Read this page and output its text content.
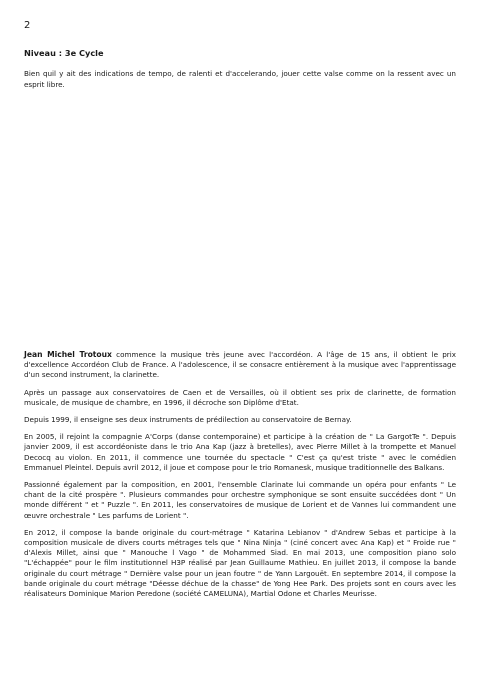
2
Niveau : 3e Cycle

Bien quil y ait des indications de tempo, de ralenti et d'accelerando, jouer cette valse comme on la ressent avec un esprit libre.

Jean Michel Trotoux commence la musique très jeune avec l'accordéon. A l'âge de 15 ans, il obtient le prix d'excellence Accordéon Club de France. A l'adolescence, il se consacre entièrement à la musique avec l'apprentissage d'un second instrument, la clarinette.

Après un passage aux conservatoires de Caen et de Versailles, où il obtient ses prix de clarinette, de formation musicale, de musique de chambre, en 1996, il décroche son Diplôme d'Etat.

Depuis 1999, il enseigne ses deux instruments de prédilection au conservatoire de Bernay.

En 2005, il rejoint la compagnie A'Corps (danse contemporaine) et participe à la création de " La GargotTe ". Depuis janvier 2009, il est accordéoniste dans le trio Ana Kap (jazz à bretelles), avec Pierre Millet à la trompette et Manuel Decocq au violon. En 2011, il commence une tournée du spectacle " C'est ça qu'est triste " avec le comédien Emmanuel Pleintel. Depuis avril 2012, il joue et compose pour le trio Romanesk, musique traditionnelle des Balkans.

Passionné également par la composition, en 2001, l'ensemble Clarinate lui commande un opéra pour enfants " Le chant de la cité prospère ". Plusieurs commandes pour orchestre symphonique se sont ensuite succédées dont " Un monde différent " et " Puzzle ". En 2011, les conservatoires de musique de Lorient et de Vannes lui commandent une œuvre orchestrale " Les parfums de Lorient ".

En 2012, il compose la bande originale du court-métrage " Katarina Lebianov " d'Andrew Sebas et participe à la composition musicale de divers courts métrages tels que " Nina Ninja " (ciné concert avec Ana Kap) et " Froide rue " d'Alexis Millet, ainsi que " Manouche l Vago " de Mohammed Siad. En mai 2013, une composition piano solo "L'échappée" pour le film institutionnel H3P réalisé par Jean Guillaume Mathieu. En juillet 2013, il compose la bande originale du court métrage " Dernière valse pour un jean foutre " de Yann Largouët. En septembre 2014, il compose la bande originale du court métrage "Déesse déchue de la chasse" de Yong Hee Park. Des projets sont en cours avec les réalisateurs Dominique Marion Peredone (société CAMELUNA), Martial Odone et Charles Meurisse.
